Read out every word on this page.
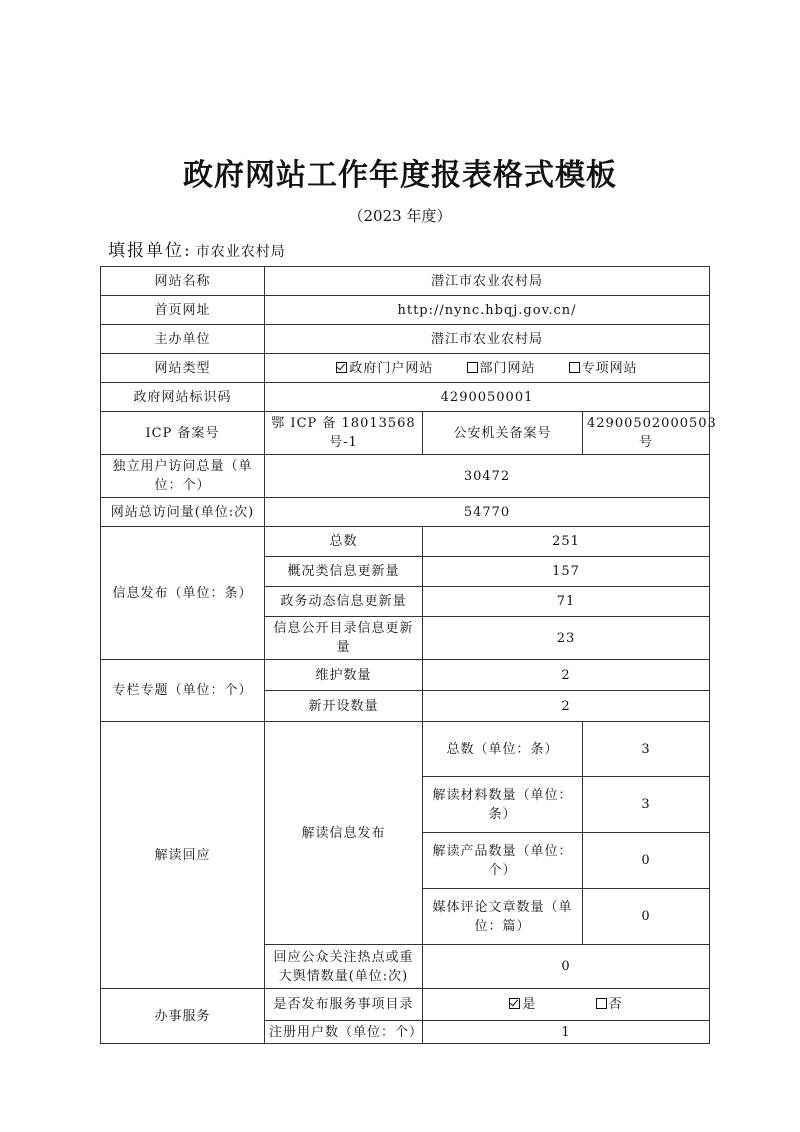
政府网站工作年度报表格式模板
（2023 年度）
填报单位: 市农业农村局
网站名称	潜江市农业农村局		
首页网址	http://nync.hbqj.gov.cn/		
主办单位	潜江市农业农村局		
网站类型	政府门户网站 部门网站 专项网站		
政府网站标识码	4290050001		
ICP 备案号	鄂 ICP 备 18013568 号-1	公安机关备案号	42900502000503 号
独立用户访问总量（单位：个）	30472		
网站总访问量(单位:次)	54770		
信息发布（单位：条）	总数	251	
	概况类信息更新量	157	
	政务动态信息更新量	71	
	信息公开目录信息更新量	23	
专栏专题（单位：个）	维护数量	2	
	新开设数量	2	
解读回应	解读信息发布	总数（单位：条）	3
		解读材料数量（单位：条）	3
		解读产品数量（单位：个）	0
		媒体评论文章数量（单位：篇）	0
	回应公众关注热点或重大舆情数量(单位:次)	0	
办事服务	是否发布服务事项目录	是 否	
	注册用户数（单位：个）	1	
